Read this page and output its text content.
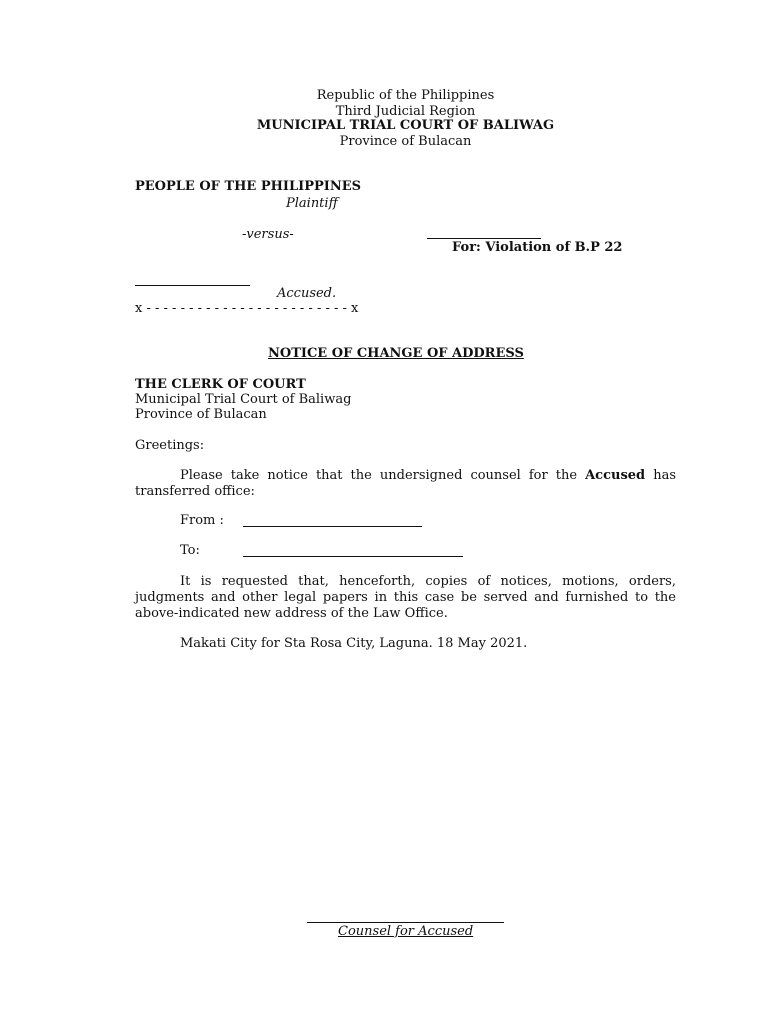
Republic of the Philippines
Third Judicial Region
MUNICIPAL TRIAL COURT OF BALIWAG
Province of Bulacan
PEOPLE OF THE PHILIPPINES
Plaintiff
-versus-
For: Violation of B.P 22
Accused.
x - - - - - - - - - - - - - - - - - - - - - - - - x
NOTICE OF CHANGE OF ADDRESS
THE CLERK OF COURT
Municipal Trial Court of Baliwag
Province of Bulacan
Greetings:
Please take notice that the undersigned counsel for the Accused has transferred office:
From :
To:
It is requested that, henceforth, copies of notices, motions, orders, judgments and other legal papers in this case be served and furnished to the above-indicated new address of the Law Office.
Makati City for Sta Rosa City, Laguna. 18 May 2021.
Counsel for Accused
